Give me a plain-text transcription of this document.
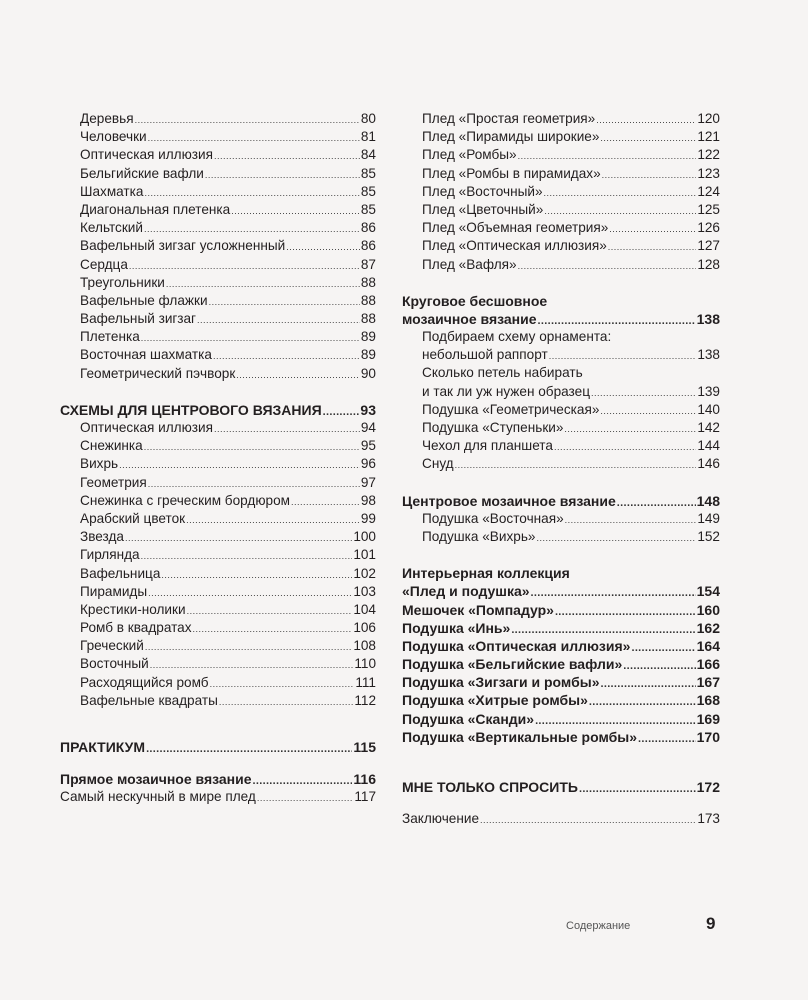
Деревья .....	80
Человечки .....	81
Оптическая иллюзия .....	84
Бельгийские вафли .....	85
Шахматка .....	85
Диагональная плетенка .....	85
Кельтский .....	86
Вафельный зигзаг усложненный .....	86
Сердца .....	87
Треугольники .....	88
Вафельные флажки .....	88
Вафельный зигзаг .....	88
Плетенка .....	89
Восточная шахматка .....	89
Геометрический пэчворк .....	90
СХЕМЫ ДЛЯ ЦЕНТРОВОГО ВЯЗАНИЯ .....	93
Оптическая иллюзия .....	94
Снежинка .....	95
Вихрь .....	96
Геометрия .....	97
Снежинка с греческим бордюром .....	98
Арабский цветок .....	99
Звезда .....	100
Гирлянда .....	101
Вафельница .....	102
Пирамиды .....	103
Крестики-нолики .....	104
Ромб в квадратах .....	106
Греческий .....	108
Восточный .....	110
Расходящийся ромб .....	111
Вафельные квадраты .....	112
ПРАКТИКУМ .....	115
Прямое мозаичное вязание .....	116
Самый нескучный в мире плед .....	117
Плед «Простая геометрия» .....	120
Плед «Пирамиды широкие» .....	121
Плед «Ромбы» .....	122
Плед «Ромбы в пирамидах» .....	123
Плед «Восточный» .....	124
Плед «Цветочный» .....	125
Плед «Объемная геометрия» .....	126
Плед «Оптическая иллюзия» .....	127
Плед «Вафля» .....	128
Круговое бесшовное
мозаичное вязание .....	138
Подбираем схему орнамента:
небольшой раппорт .....	138
Сколько петель набирать
и так ли уж нужен образец .....	139
Подушка «Геометрическая» .....	140
Подушка «Ступеньки» .....	142
Чехол для планшета .....	144
Снуд .....	146
Центровое мозаичное вязание .....	148
Подушка «Восточная» .....	149
Подушка «Вихрь» .....	152
Интерьерная коллекция
«Плед и подушка» .....	154
Мешочек «Помпадур» .....	160
Подушка «Инь» .....	162
Подушка «Оптическая иллюзия» .....	164
Подушка «Бельгийские вафли» .....	166
Подушка «Зигзаги и ромбы» .....	167
Подушка «Хитрые ромбы» .....	168
Подушка «Сканди» .....	169
Подушка «Вертикальные ромбы» .....	170
МНЕ ТОЛЬКО СПРОСИТЬ .....	172
Заключение .....	173
Содержание	9
